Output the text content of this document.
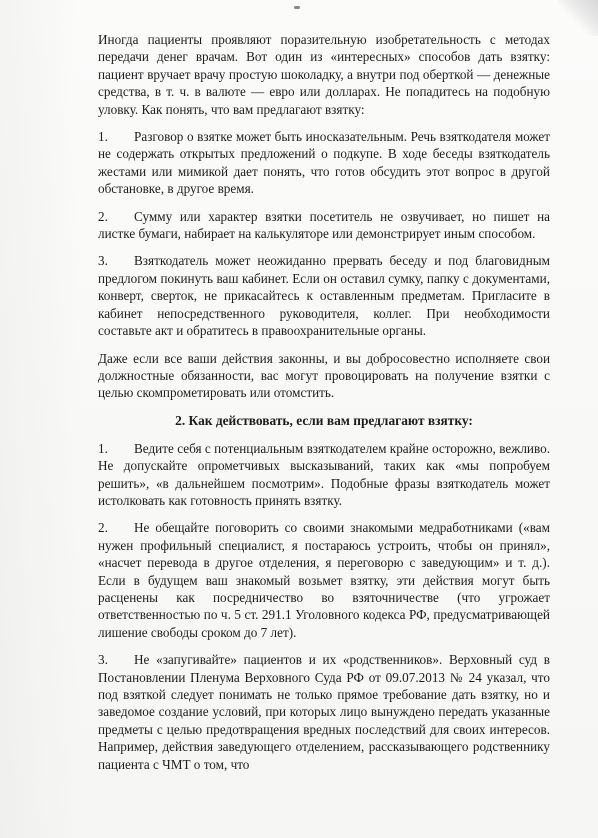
Иногда пациенты проявляют поразительную изобретательность с методах передачи денег врачам. Вот один из «интересных» способов дать взятку: пациент вручает врачу простую шоколадку, а внутри под оберткой — денежные средства, в т. ч. в валюте — евро или долларах. Не попадитесь на подобную уловку. Как понять, что вам предлагают взятку:

1. Разговор о взятке может быть иносказательным. Речь взяткодателя может не содержать открытых предложений о подкупе. В ходе беседы взяткодатель жестами или мимикой дает понять, что готов обсудить этот вопрос в другой обстановке, в другое время.
2. Сумму или характер взятки посетитель не озвучивает, но пишет на листке бумаги, набирает на калькуляторе или демонстрирует иным способом.
3. Взяткодатель может неожиданно прервать беседу и под благовидным предлогом покинуть ваш кабинет. Если он оставил сумку, папку с документами, конверт, сверток, не прикасайтесь к оставленным предметам. Пригласите в кабинет непосредственного руководителя, коллег. При необходимости составьте акт и обратитесь в правоохранительные органы.

Даже если все ваши действия законны, и вы добросовестно исполняете свои должностные обязанности, вас могут провоцировать на получение взятки с целью скомпрометировать или отомстить.

2. Как действовать, если вам предлагают взятку:
1. Ведите себя с потенциальным взяткодателем крайне осторожно, вежливо. Не допускайте опрометчивых высказываний, таких как «мы попробуем решить», «в дальнейшем посмотрим». Подобные фразы взяткодатель может истолковать как готовность принять взятку.
2. Не обещайте поговорить со своими знакомыми медработниками («вам нужен профильный специалист, я постараюсь устроить, чтобы он принял», «насчет перевода в другое отделения, я переговорю с заведующим» и т. д.). Если в будущем ваш знакомый возьмет взятку, эти действия могут быть расценены как посредничество во взяточничестве (что угрожает ответственностью по ч. 5 ст. 291.1 Уголовного кодекса РФ, предусматривающей лишение свободы сроком до 7 лет).
3. Не «запугивайте» пациентов и их «родственников». Верховный суд в Постановлении Пленума Верховного Суда РФ от 09.07.2013 № 24 указал, что под взяткой следует понимать не только прямое требование дать взятку, но и заведомое создание условий, при которых лицо вынуждено передать указанные предметы с целью предотвращения вредных последствий для своих интересов. Например, действия заведующего отделением, рассказывающего родственнику пациента с ЧМТ о том, что
